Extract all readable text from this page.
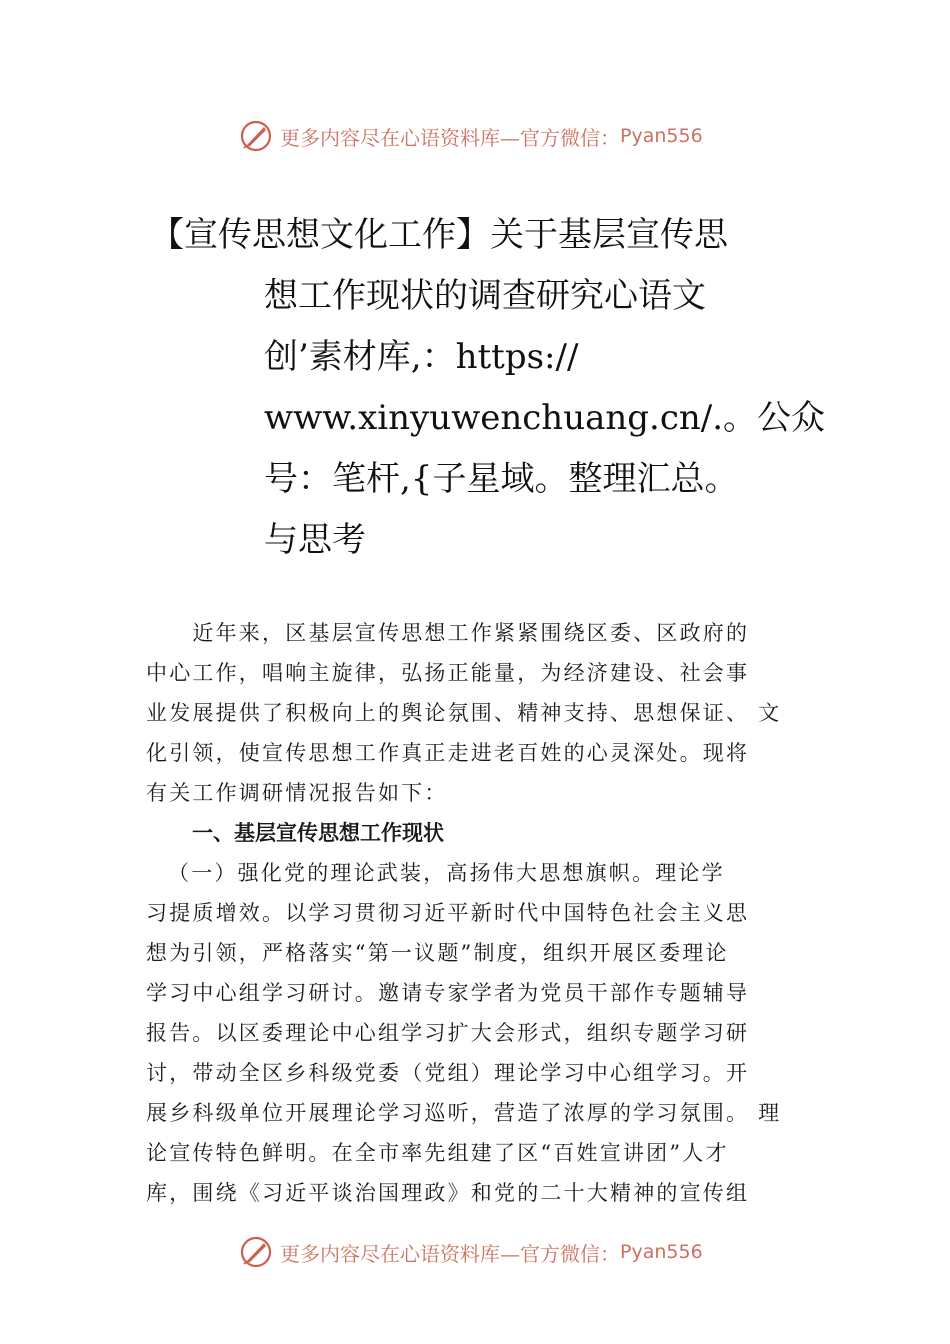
更多内容尽在心语资料库—官方微信： Pyan556
【宣传思想文化工作】关于基层宣传思
想工作现状的调查研究心语文
创’素材库,：https://
www.xinyuwenchuang.cn/.。公众
号：笔杆,{子星域。整理汇总。
与思考
　　近年来，区基层宣传思想工作紧紧围绕区委、区政府的
中心工作，唱响主旋律，弘扬正能量，为经济建设、社会事
业发展提供了积极向上的舆论氛围、精神支持、思想保证、 文
化引领，使宣传思想工作真正走进老百姓的心灵深处。现将
有关工作调研情况报告如下：
一、基层宣传思想工作现状
（一）强化党的理论武装，高扬伟大思想旗帜。理论学
习提质增效。以学习贯彻习近平新时代中国特色社会主义思
想为引领，严格落实“第一议题”制度，组织开展区委理论
学习中心组学习研讨。邀请专家学者为党员干部作专题辅导
报告。以区委理论中心组学习扩大会形式，组织专题学习研
讨，带动全区乡科级党委（党组）理论学习中心组学习。开
展乡科级单位开展理论学习巡听，营造了浓厚的学习氛围。 理
论宣传特色鲜明。在全市率先组建了区“百姓宣讲团”人才
库，围绕《习近平谈治国理政》和党的二十大精神的宣传组
更多内容尽在心语资料库—官方微信： Pyan556
